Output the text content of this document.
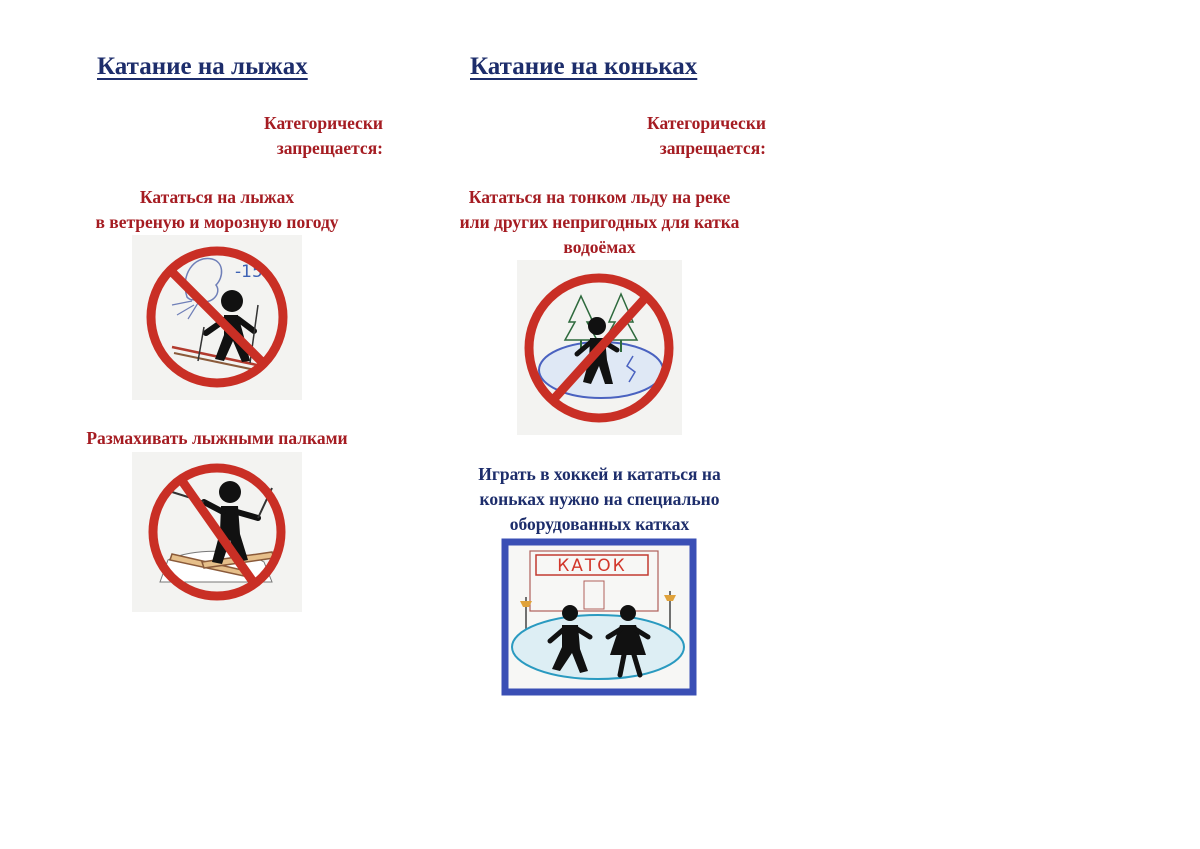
Катание на лыжах	Катание на коньках
Категорически
запрещается:
Категорически
запрещается:
Кататься на лыжах
в ветреную и морозную погоду
-15
Размахивать лыжными палками
Кататься на тонком льду на реке
или других непригодных для катка
водоёмах
Играть в хоккей и кататься на
коньках нужно на специально
оборудованных катках
КАТОК
